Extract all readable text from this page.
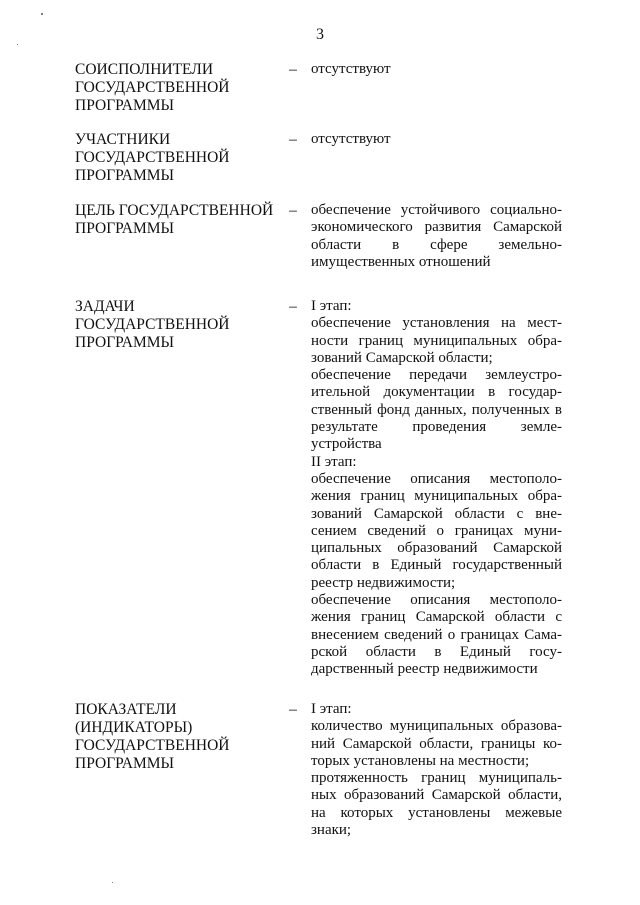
3
СОИСПОЛНИТЕЛИ
ГОСУДАРСТВЕННОЙ
ПРОГРАММЫ
– отсутствуют
УЧАСТНИКИ
ГОСУДАРСТВЕННОЙ
ПРОГРАММЫ
– отсутствуют
ЦЕЛЬ ГОСУДАРСТВЕННОЙ
ПРОГРАММЫ
– обеспечение устойчивого социально-
экономического развития Самарской
области в сфере земельно-
имущественных отношений
ЗАДАЧИ
ГОСУДАРСТВЕННОЙ
ПРОГРАММЫ
– I этап:
обеспечение установления на мест-
ности границ муниципальных обра-
зований Самарской области;
обеспечение передачи землеустро-
ительной документации в государ-
ственный фонд данных, полученных в
результате проведения земле-
устройства
II этап:
обеспечение описания местополо-
жения границ муниципальных обра-
зований Самарской области с вне-
сением сведений о границах муни-
ципальных образований Самарской
области в Единый государственный
реестр недвижимости;
обеспечение описания местополо-
жения границ Самарской области с
внесением сведений о границах Сама-
рской области в Единый госу-
дарственный реестр недвижимости
ПОКАЗАТЕЛИ
(ИНДИКАТОРЫ)
ГОСУДАРСТВЕННОЙ
ПРОГРАММЫ
– I этап:
количество муниципальных образова-
ний Самарской области, границы ко-
торых установлены на местности;
протяженность границ муниципаль-
ных образований Самарской области,
на которых установлены межевые
знаки;
